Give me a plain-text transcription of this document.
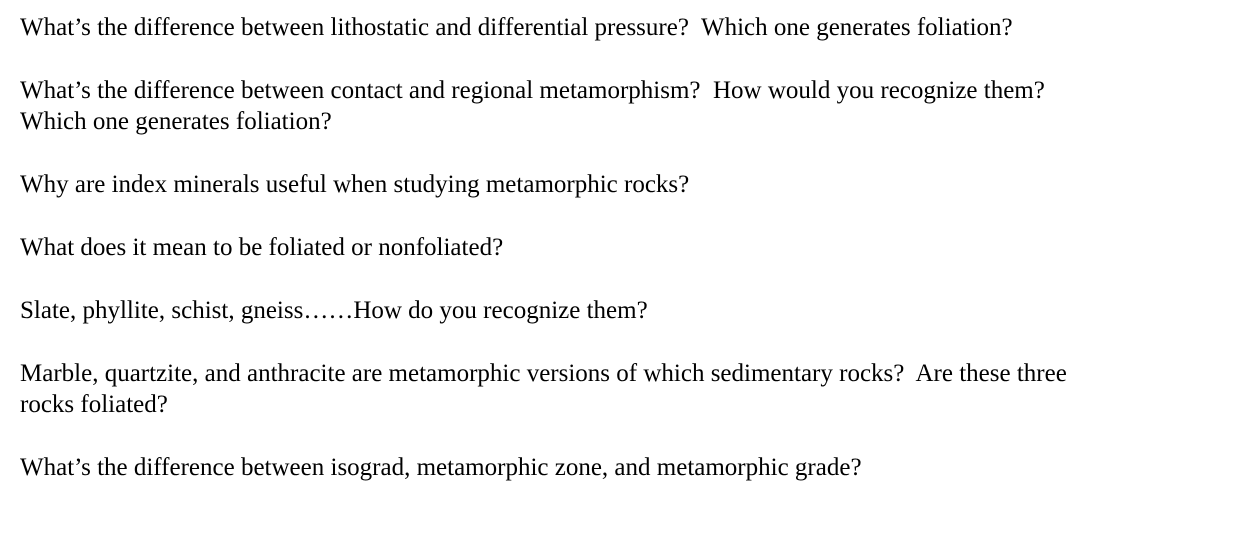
What’s the difference between lithostatic and differential pressure?  Which one generates foliation?

What’s the difference between contact and regional metamorphism?  How would you recognize them?
Which one generates foliation?

Why are index minerals useful when studying metamorphic rocks?

What does it mean to be foliated or nonfoliated?

Slate, phyllite, schist, gneiss……How do you recognize them?

Marble, quartzite, and anthracite are metamorphic versions of which sedimentary rocks?  Are these three
rocks foliated?

What’s the difference between isograd, metamorphic zone, and metamorphic grade?
